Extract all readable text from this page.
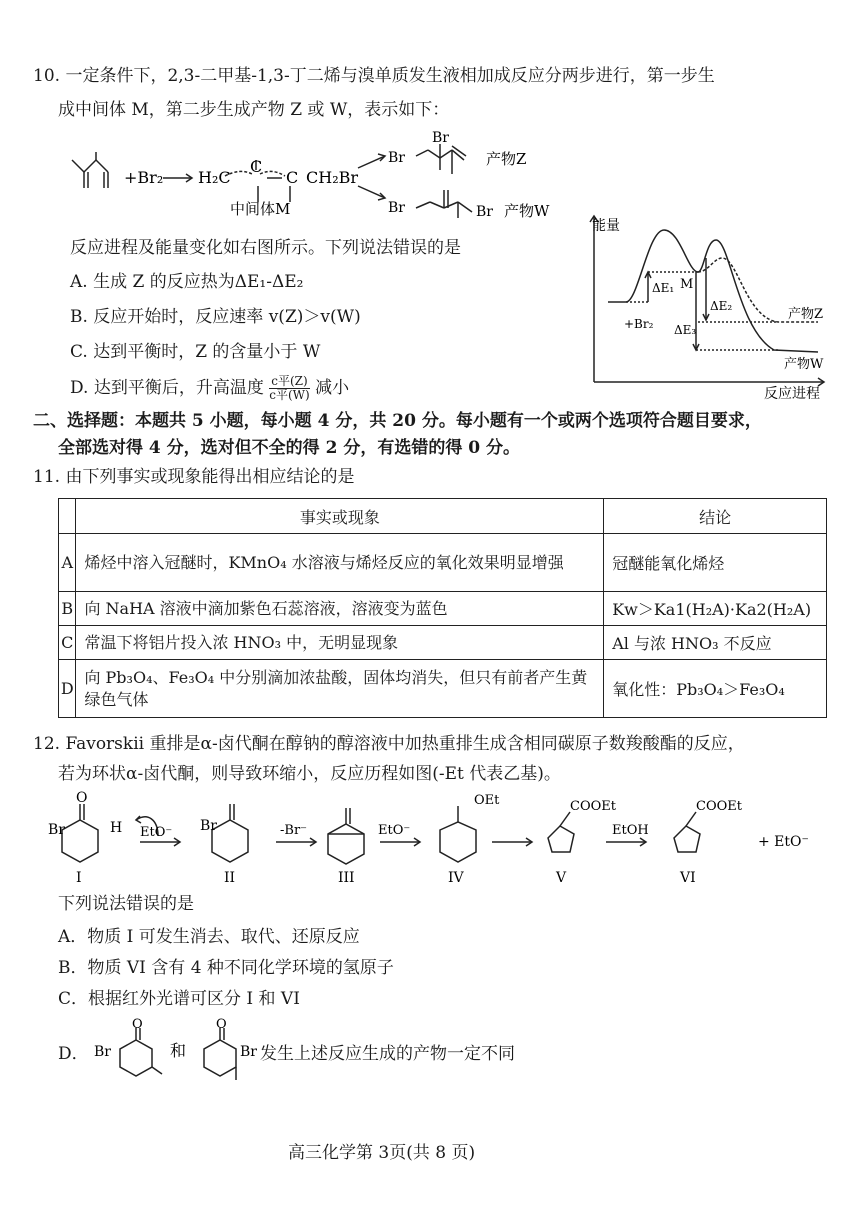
10. 一定条件下，2,3-二甲基-1,3-丁二烯与溴单质发生液相加成反应分两步进行，第一步生
成中间体 M，第二步生成产物 Z 或 W，表示如下：
+Br₂ H₂C
C
C CH₂Br
中间体M
Br
Br	产物Z
Br	Br 产物W
反应进程及能量变化如右图所示。下列说法错误的是
A. 生成 Z 的反应热为ΔE₁-ΔE₂
B. 反应开始时，反应速率 v(Z)＞v(W)
C. 达到平衡时，Z 的含量小于 W
D. 达到平衡后，升高温度 c平(Z)
c平(W) 减小
能量
反应进程
M
ΔE₁
ΔE₂
ΔE₃
+Br₂
产物Z
产物W
二、选择题：本题共 5 小题，每小题 4 分，共 20 分。每小题有一个或两个选项符合题目要求，
全部选对得 4 分，选对但不全的得 2 分，有选错的得 0 分。
11. 由下列事实或现象能得出相应结论的是
	事实或现象	结论
A	烯烃中溶入冠醚时，KMnO₄ 水溶液与烯烃反应的氧化效果明显增强	冠醚能氧化烯烃
B	向 NaHA 溶液中滴加紫色石蕊溶液，溶液变为蓝色	Kw＞Ka1(H₂A)·Ka2(H₂A)
C	常温下将铝片投入浓 HNO₃ 中，无明显现象	Al 与浓 HNO₃ 不反应
D	向 Pb₃O₄、Fe₃O₄ 中分别滴加浓盐酸，固体均消失，但只有前者产生黄绿色气体	氧化性：Pb₃O₄＞Fe₃O₄
12. Favorskii 重排是α-卤代酮在醇钠的醇溶液中加热重排生成含相同碳原子数羧酸酯的反应，
若为环状α-卤代酮，则导致环缩小，反应历程如图(-Et 代表乙基)。
Br
O
H EtO⁻ Br	-Br⁻	EtO⁻
OEt	COOEt
EtOH
COOEt
+ EtO⁻
I	II	III	IV	V	VI
下列说法错误的是
A．物质 I 可发生消去、取代、还原反应
B．物质 VI 含有 4 种不同化学环境的氢原子
C．根据红外光谱可区分 I 和 VI
D． Br
O
和
O
Br 发生上述反应生成的产物一定不同
高三化学第 3页(共 8 页)
